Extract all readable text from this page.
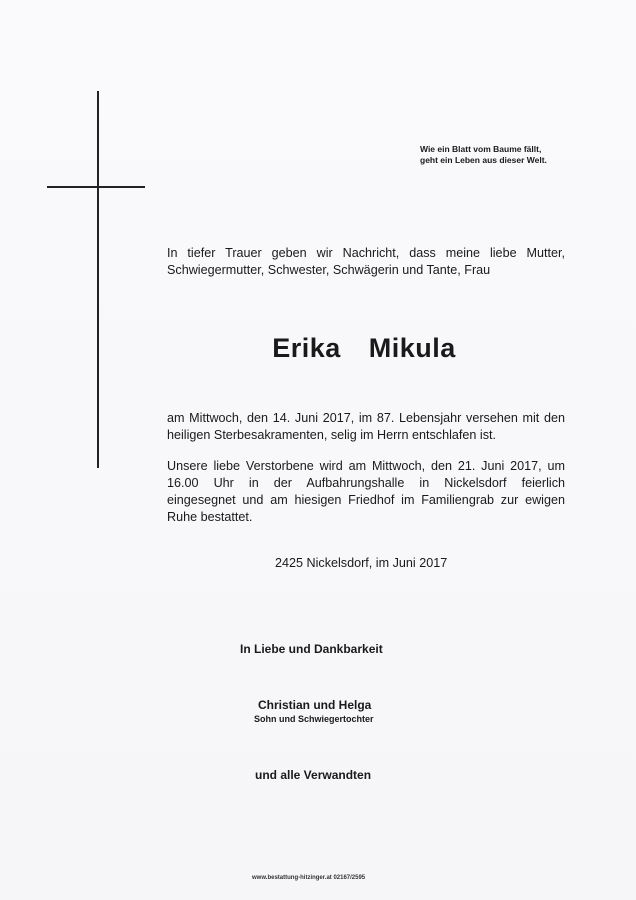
Wie ein Blatt vom Baume fällt,
geht ein Leben aus dieser Welt.
In tiefer Trauer geben wir Nachricht, dass meine liebe Mutter,
Schwiegermutter, Schwester, Schwägerin und Tante, Frau
Erika  Mikula
am Mittwoch, den 14. Juni 2017, im 87. Lebensjahr versehen mit den
heiligen Sterbesakramenten, selig im Herrn entschlafen ist.
Unsere liebe Verstorbene wird am Mittwoch, den 21. Juni 2017, um
16.00 Uhr in der Aufbahrungshalle in Nickelsdorf feierlich
eingesegnet und am hiesigen Friedhof im Familiengrab zur ewigen
Ruhe bestattet.
2425 Nickelsdorf, im Juni 2017
In Liebe und Dankbarkeit
Christian und Helga
Sohn und Schwiegertochter
und alle Verwandten
www.bestattung-hitzinger.at 02167/2595
